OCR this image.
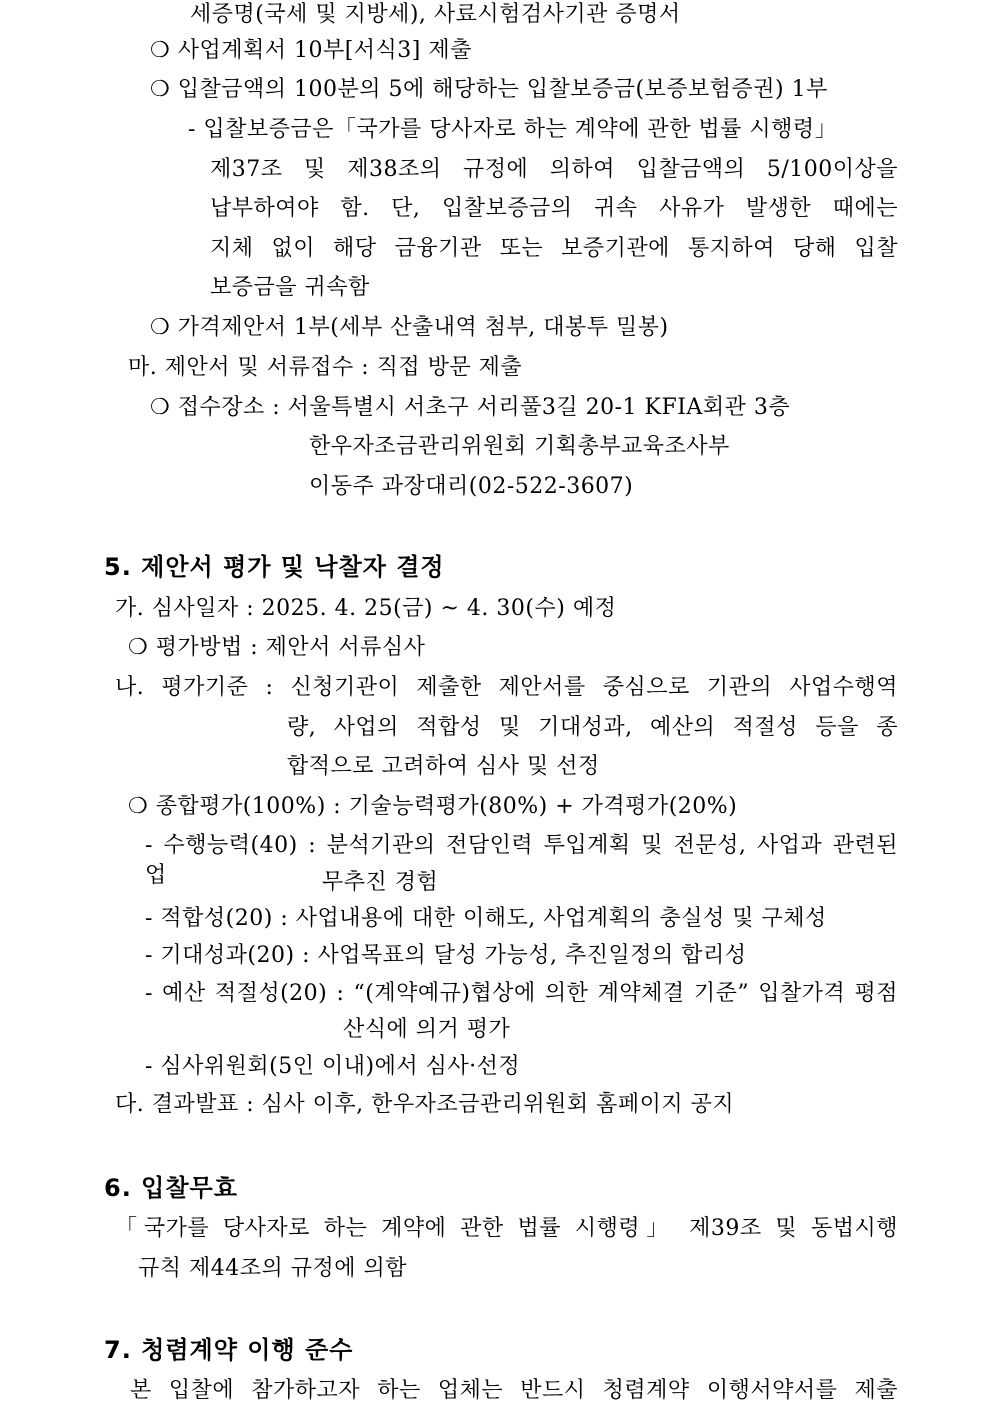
세증명(국세 및 지방세), 사료시험검사기관 증명서
❍ 사업계획서 10부[서식3] 제출
❍ 입찰금액의 100분의 5에 해당하는 입찰보증금(보증보험증권) 1부
- 입찰보증금은「국가를 당사자로 하는 계약에 관한 법률 시행령」
제37조 및 제38조의 규정에 의하여 입찰금액의 5/100이상을
납부하여야 함. 단, 입찰보증금의 귀속 사유가 발생한 때에는
지체 없이 해당 금융기관 또는 보증기관에 통지하여 당해 입찰
보증금을 귀속함
❍ 가격제안서 1부(세부 산출내역 첨부, 대봉투 밀봉)
마. 제안서 및 서류접수 : 직접 방문 제출
❍ 접수장소 : 서울특별시 서초구 서리풀3길 20-1 KFIA회관 3층
한우자조금관리위원회 기획총부교육조사부
이동주 과장대리(02-522-3607)
5. 제안서 평가 및 낙찰자 결정
가. 심사일자 : 2025. 4. 25(금) ~ 4. 30(수) 예정
❍ 평가방법 : 제안서 서류심사
나. 평가기준 : 신청기관이 제출한 제안서를 중심으로 기관의 사업수행역
량, 사업의 적합성 및 기대성과, 예산의 적절성 등을 종
합적으로 고려하여 심사 및 선정
❍ 종합평가(100%) : 기술능력평가(80%) + 가격평가(20%)
- 수행능력(40) : 분석기관의 전담인력 투입계획 및 전문성, 사업과 관련된 업	무추진 경험
- 적합성(20) : 사업내용에 대한 이해도, 사업계획의 충실성 및 구체성
- 기대성과(20) : 사업목표의 달성 가능성, 추진일정의 합리성
- 예산 적절성(20) : “(계약예규)협상에 의한 계약체결 기준” 입찰가격 평점
산식에 의거 평가
- 심사위원회(5인 이내)에서 심사·선정
다. 결과발표 : 심사 이후, 한우자조금관리위원회 홈페이지 공지
6. 입찰무효
「국가를 당사자로 하는 계약에 관한 법률 시행령」 제39조 및 동법시행
규칙 제44조의 규정에 의함
7. 청렴계약 이행 준수
본 입찰에 참가하고자 하는 업체는 반드시 청렴계약 이행서약서를 제출
